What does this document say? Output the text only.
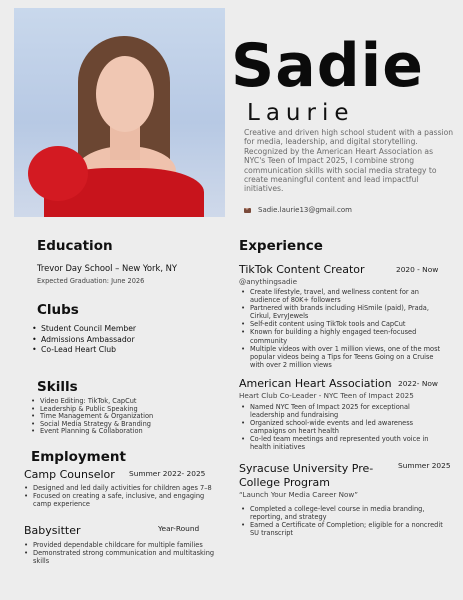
Sadie
Laurie

Creative and driven high school student with a passion for media, leadership, and digital storytelling. Recognized by the American Heart Association as NYC's Teen of Impact 2025, I combine strong communication skills with social media strategy to create meaningful content and lead impactful initiatives.

Sadie.laurie13@gmail.com
Education
Trevor Day School – New York, NY
Expected Graduation: June 2026
Clubs
• Student Council Member
• Admissions Ambassador
• Co-Lead Heart Club
Skills
• Video Editing: TikTok, CapCut
• Leadership & Public Speaking
• Time Management & Organization
• Social Media Strategy & Branding
• Event Planning & Collaboration
Employment
Camp Counselor Summer 2022- 2025
• Designed and led daily activities for children ages 7–8
• Focused on creating a safe, inclusive, and engaging camp experience
Babysitter	Year-Round
• Provided dependable childcare for multiple families
• Demonstrated strong communication and multitasking skills
Experience
TikTok Content Creator	2020 - Now
@anythingsadie
• Create lifestyle, travel, and wellness content for an audience of 80K+ followers
• Partnered with brands including HiSmile (paid), Prada, Cirkul, EvryJewels
• Self-edit content using TikTok tools and CapCut
• Known for building a highly engaged teen-focused community
• Multiple videos with over 1 million views, one of the most popular videos being a Tips for Teens Going on a Cruise with over 2 million views
American Heart Association 2022- Now
Heart Club Co-Leader - NYC Teen of Impact 2025
• Named NYC Teen of Impact 2025 for exceptional leadership and fundraising
• Organized school-wide events and led awareness campaigns on heart health
• Co-led team meetings and represented youth voice in health initiatives
Syracuse University Pre-College Program
Summer 2025
“Launch Your Media Career Now”
• Completed a college-level course in media branding, reporting, and strategy
• Earned a Certificate of Completion; eligible for a noncredit SU transcript
